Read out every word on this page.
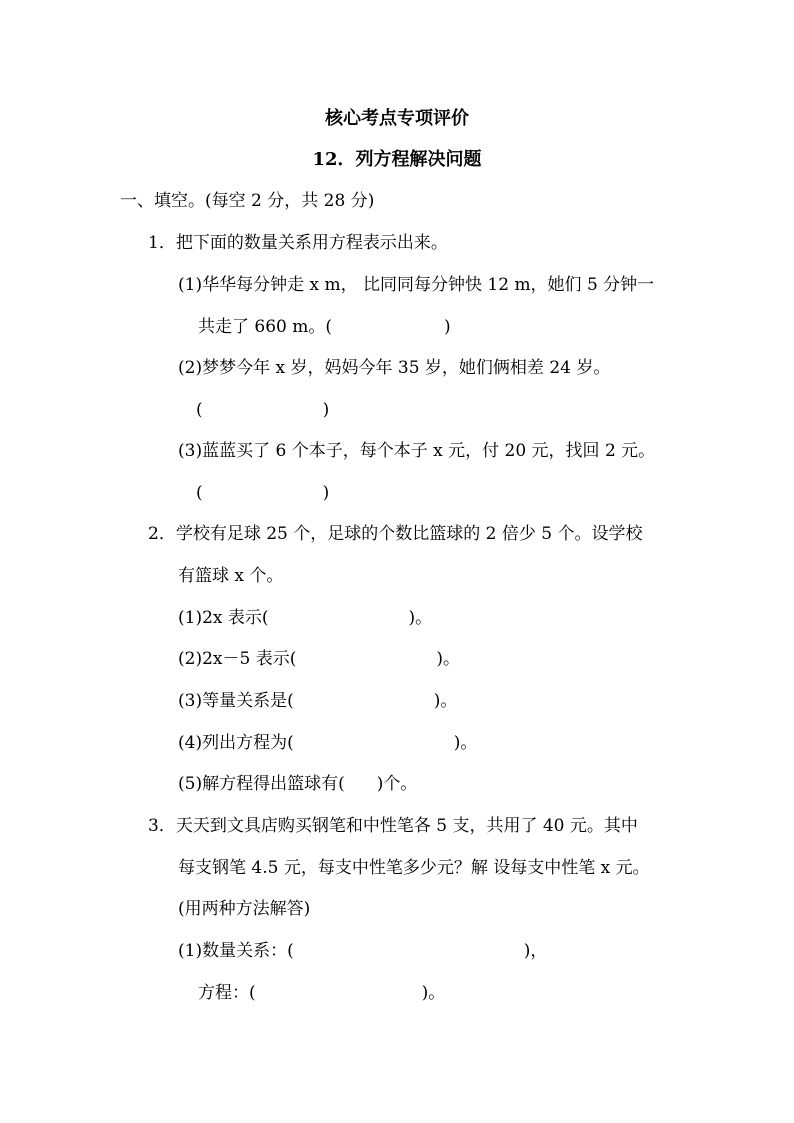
核心考点专项评价
12．列方程解决问题
一、填空。(每空 2 分，共 28 分)
1．把下面的数量关系用方程表示出来。
(1)华华每分钟走 x m， 比同同每分钟快 12 m，她们 5 分钟一
共走了 660 m。(	)
(2)梦梦今年 x 岁，妈妈今年 35 岁，她们俩相差 24 岁。
(	)
(3)蓝蓝买了 6 个本子，每个本子 x 元，付 20 元，找回 2 元。
(	)
2．学校有足球 25 个，足球的个数比篮球的 2 倍少 5 个。设学校
有篮球 x 个。
(1)2x 表示(	)。
(2)2x－5 表示(	)。
(3)等量关系是(	)。
(4)列出方程为(	)。
(5)解方程得出篮球有( )个。
3．天天到文具店购买钢笔和中性笔各 5 支，共用了 40 元。其中
每支钢笔 4.5 元，每支中性笔多少元？解 设每支中性笔 x 元。
(用两种方法解答)
(1)数量关系：(	)，
方程：(	)。
